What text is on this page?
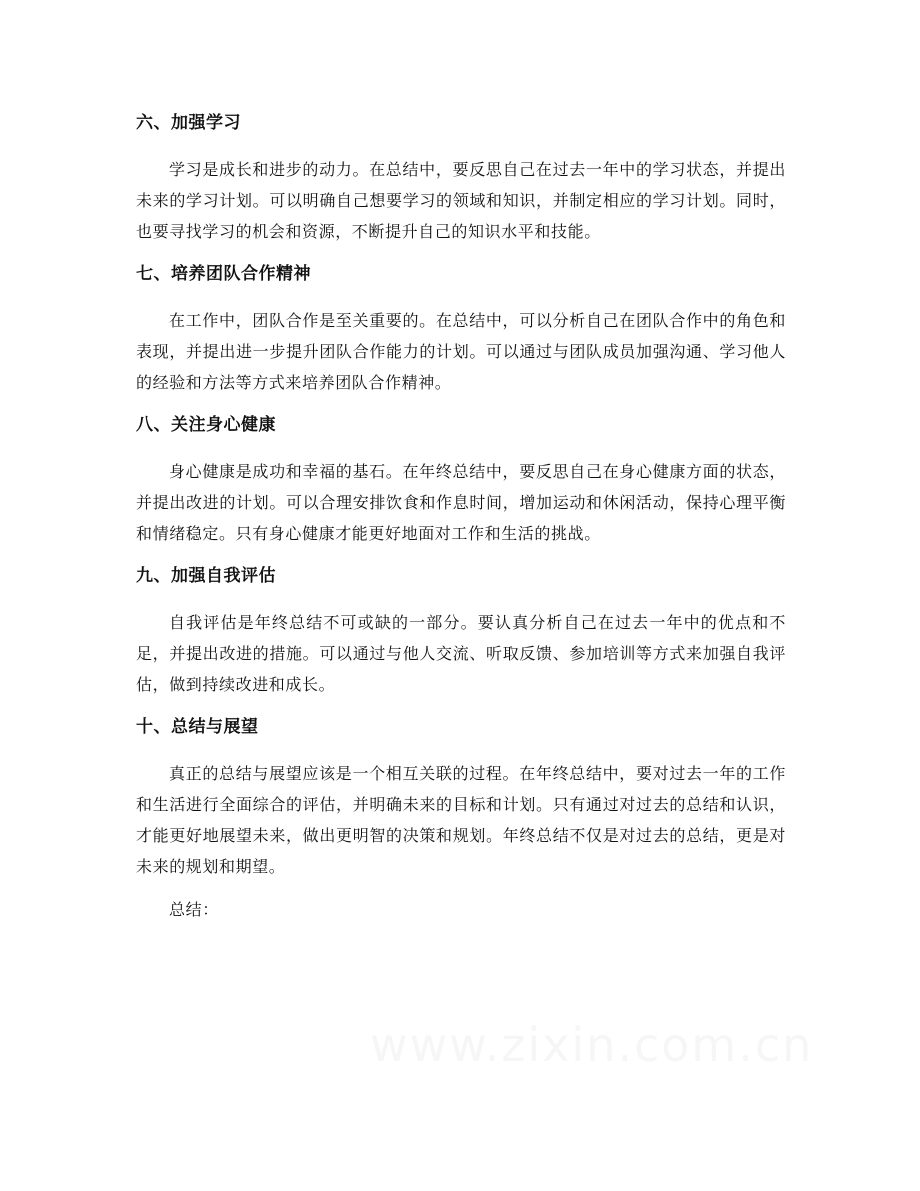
六、加强学习

学习是成长和进步的动力。在总结中，要反思自己在过去一年中的学习状态，并提出未来的学习计划。可以明确自己想要学习的领域和知识，并制定相应的学习计划。同时，也要寻找学习的机会和资源，不断提升自己的知识水平和技能。

七、培养团队合作精神

在工作中，团队合作是至关重要的。在总结中，可以分析自己在团队合作中的角色和表现，并提出进一步提升团队合作能力的计划。可以通过与团队成员加强沟通、学习他人的经验和方法等方式来培养团队合作精神。

八、关注身心健康

身心健康是成功和幸福的基石。在年终总结中，要反思自己在身心健康方面的状态，并提出改进的计划。可以合理安排饮食和作息时间，增加运动和休闲活动，保持心理平衡和情绪稳定。只有身心健康才能更好地面对工作和生活的挑战。

九、加强自我评估

自我评估是年终总结不可或缺的一部分。要认真分析自己在过去一年中的优点和不足，并提出改进的措施。可以通过与他人交流、听取反馈、参加培训等方式来加强自我评估，做到持续改进和成长。

十、总结与展望

真正的总结与展望应该是一个相互关联的过程。在年终总结中，要对过去一年的工作和生活进行全面综合的评估，并明确未来的目标和计划。只有通过对过去的总结和认识，才能更好地展望未来，做出更明智的决策和规划。年终总结不仅是对过去的总结，更是对未来的规划和期望。

总结：

www.zixin.com.cn
